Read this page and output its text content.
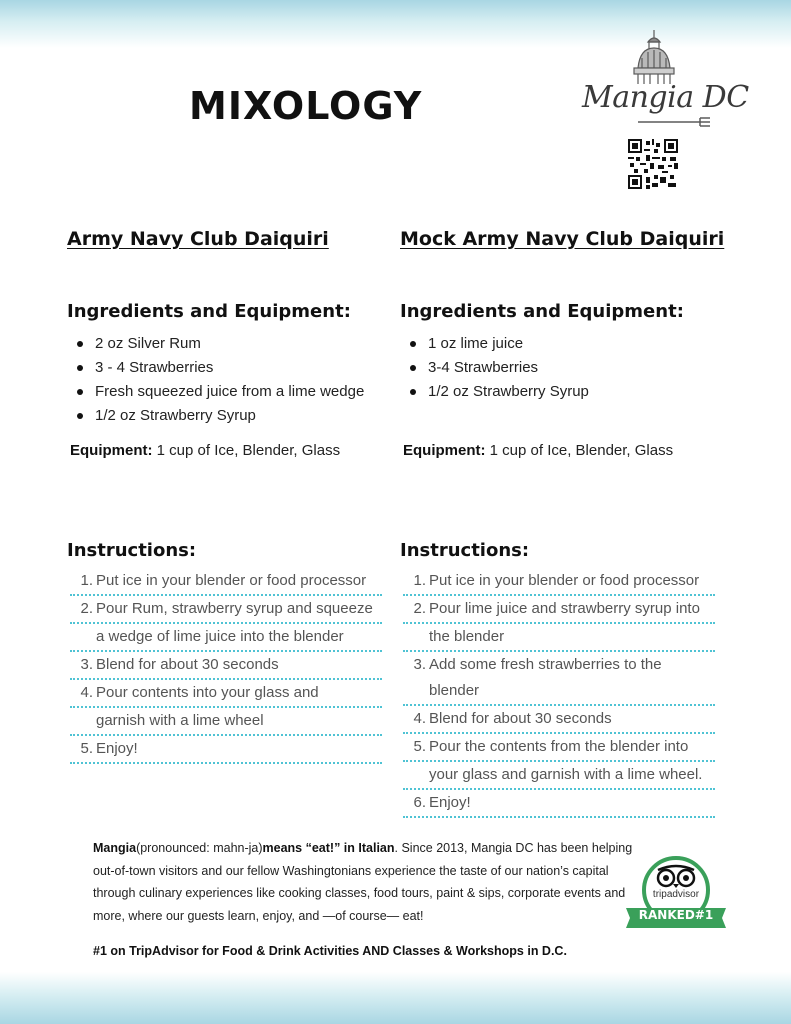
MIXOLOGY	Mangia DC
Army Navy Club Daiquiri
Ingredients and Equipment:
2 oz Silver Rum
3 - 4 Strawberries
Fresh squeezed juice from a lime wedge
1/2 oz Strawberry Syrup
Equipment: 1 cup of Ice, Blender, Glass
Instructions:
1. Put ice in your blender or food processor
2. Pour Rum, strawberry syrup and squeeze
a wedge of lime juice into the blender
3. Blend for about 30 seconds
4. Pour contents into your glass and
garnish with a lime wheel
5. Enjoy!
Mock Army Navy Club Daiquiri
Ingredients and Equipment:
1 oz lime juice
3-4 Strawberries
1/2 oz Strawberry Syrup
Equipment: 1 cup of Ice, Blender, Glass
Instructions:
1. Put ice in your blender or food processor
2. Pour lime juice and strawberry syrup into
the blender
3. Add some fresh strawberries to the blender
4. Blend for about 30 seconds
5. Pour the contents from the blender into
your glass and garnish with a lime wheel.
6. Enjoy!

Mangia(pronounced: mahn-ja)means “eat!” in Italian. Since 2013, Mangia DC has been helping out-of-town visitors and our fellow Washingtonians experience the taste of our nation’s capital through culinary experiences like cooking classes, food tours, paint & sips, corporate events and more, where our guests learn, enjoy, and —of course— eat!

#1 on TripAdvisor for Food & Drink Activities AND Classes & Workshops in D.C.
tripadvisor
RANKED#1
